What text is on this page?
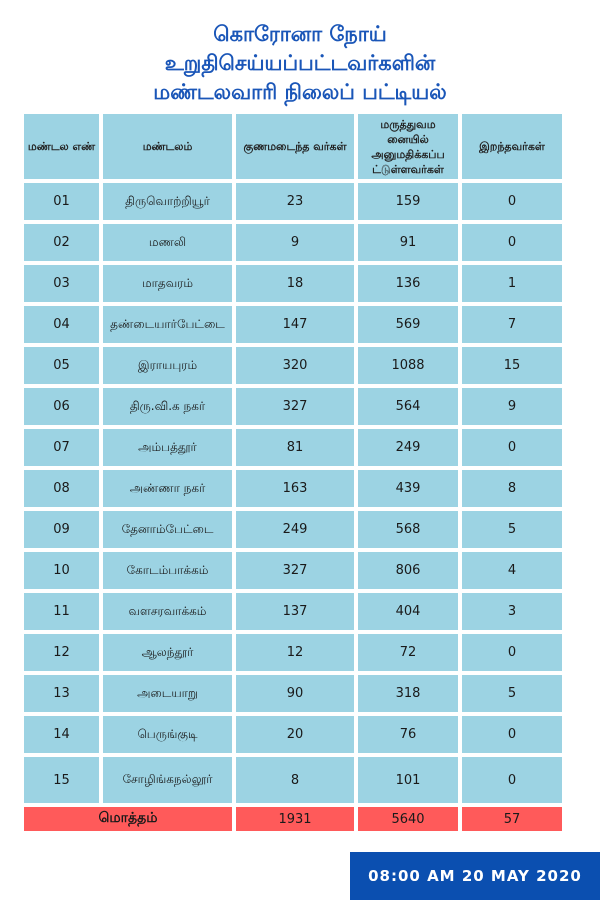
கொரோனா நோய்
உறுதிசெய்யப்பட்டவர்களின்
மண்டலவாரி நிலைப் பட்டியல்
மண்டல எண்	மண்டலம்	குணமடைந்த வர்கள்	மருத்துவம னையில் அனுமதிக்கப்ப ட்டுள்ளவர்கள்	இறந்தவர்கள்
01	திருவொற்றியூர்	23	159	0
02	மணலி	9	91	0
03	மாதவரம்	18	136	1
04	தண்டையார்பேட்டை	147	569	7
05	இராயபுரம்	320	1088	15
06	திரு.வி.க நகர்	327	564	9
07	அம்பத்தூர்	81	249	0
08	அண்ணா நகர்	163	439	8
09	தேனாம்பேட்டை	249	568	5
10	கோடம்பாக்கம்	327	806	4
11	வளசரவாக்கம்	137	404	3
12	ஆலந்தூர்	12	72	0
13	அடையாறு	90	318	5
14	பெருங்குடி	20	76	0
15	சோழிங்கநல்லூர்	8	101	0
மொத்தம்		1931	5640	57
08:00 AM 20 MAY 2020
